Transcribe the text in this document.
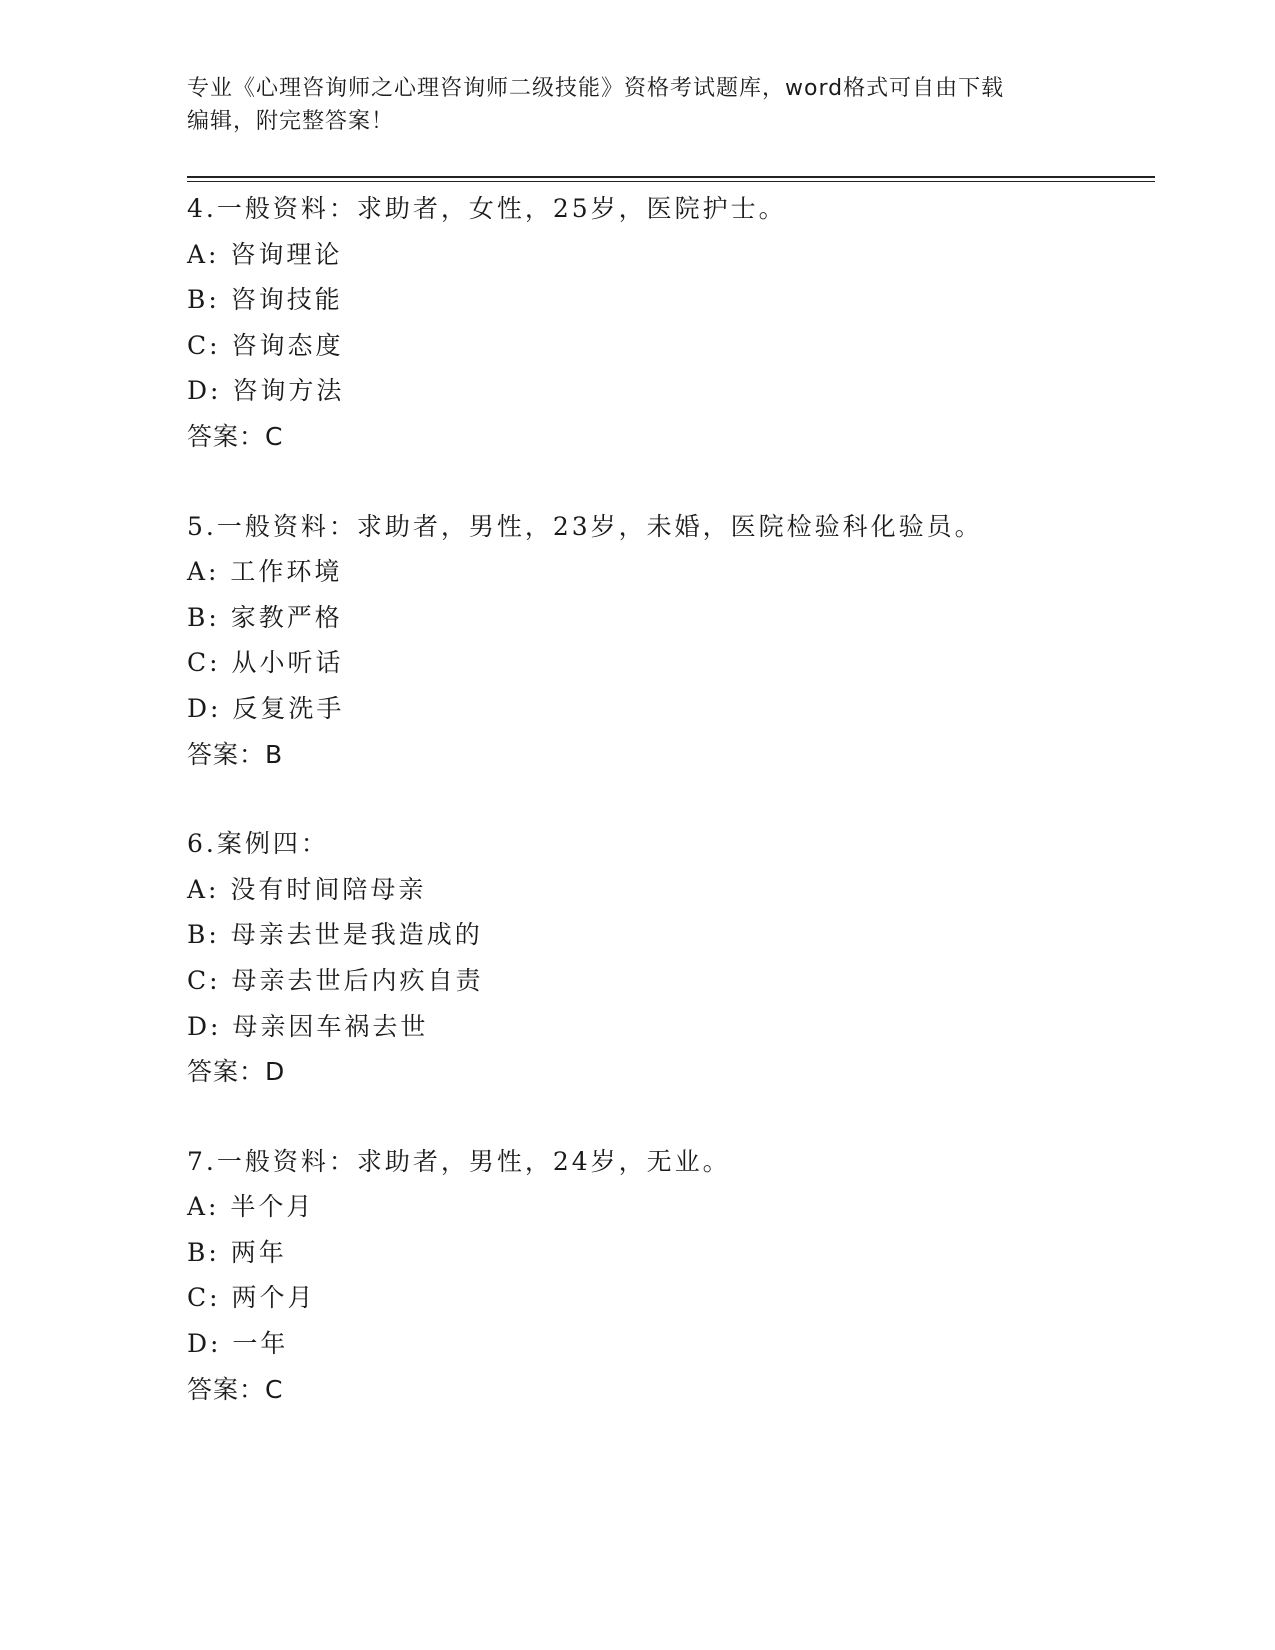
专业《心理咨询师之心理咨询师二级技能》资格考试题库，word格式可自由下载
编辑，附完整答案！
4.一般资料：求助者，女性，25岁，医院护士。
A: 咨询理论
B: 咨询技能
C: 咨询态度
D: 咨询方法
答案：C
5.一般资料：求助者，男性，23岁，未婚，医院检验科化验员。
A: 工作环境
B: 家教严格
C: 从小听话
D: 反复洗手
答案：B
6.案例四：
A: 没有时间陪母亲
B: 母亲去世是我造成的
C: 母亲去世后内疚自责
D: 母亲因车祸去世
答案：D
7.一般资料：求助者，男性，24岁，无业。
A: 半个月
B: 两年
C: 两个月
D: 一年
答案：C
